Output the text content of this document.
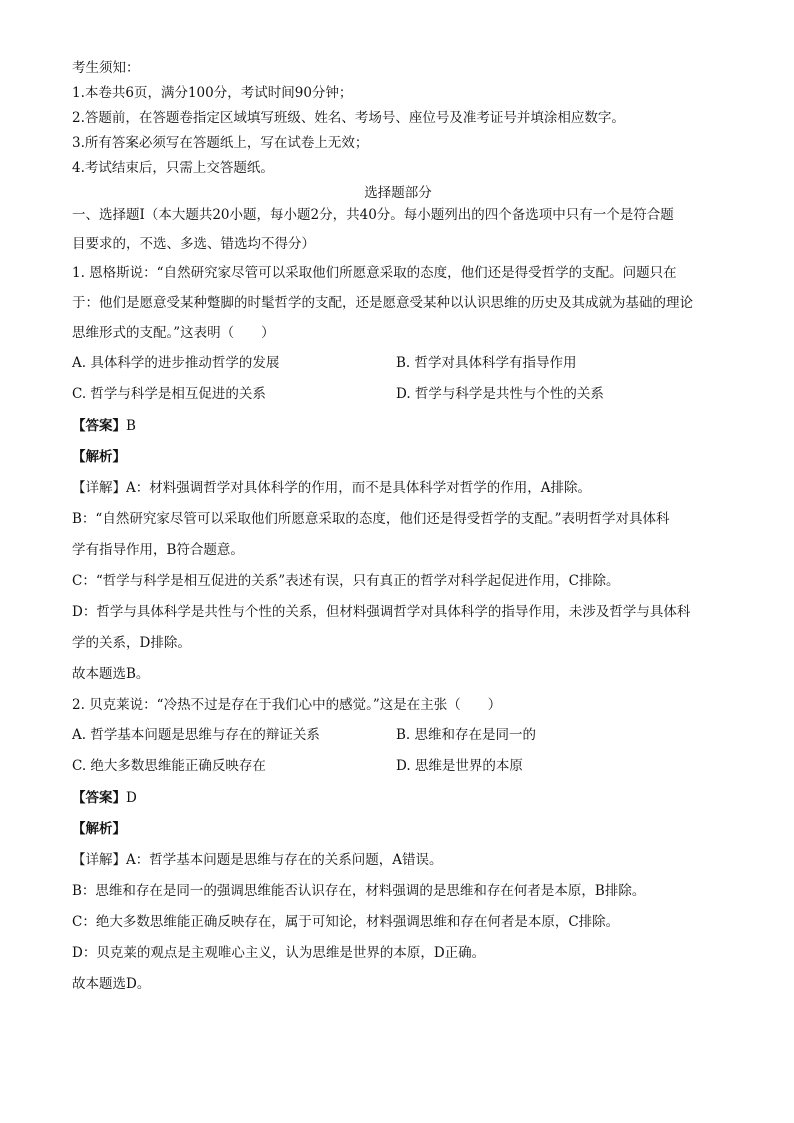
考生须知：
1.本卷共6页，满分100分，考试时间90分钟；
2.答题前，在答题卷指定区域填写班级、姓名、考场号、座位号及准考证号并填涂相应数字。
3.所有答案必须写在答题纸上，写在试卷上无效；
4.考试结束后，只需上交答题纸。
选择题部分
一、选择题Ⅰ（本大题共20小题，每小题2分，共40分。每小题列出的四个备选项中只有一个是符合题
目要求的，不选、多选、错选均不得分）
1. 恩格斯说：“自然研究家尽管可以采取他们所愿意采取的态度，他们还是得受哲学的支配。问题只在
于：他们是愿意受某种蹩脚的时髦哲学的支配，还是愿意受某种以认识思维的历史及其成就为基础的理论
思维形式的支配。”这表明（　　）
A. 具体科学的进步推动哲学的发展	B. 哲学对具体科学有指导作用
C. 哲学与科学是相互促进的关系	D. 哲学与科学是共性与个性的关系
【答案】B
【解析】
【详解】A：材料强调哲学对具体科学的作用，而不是具体科学对哲学的作用，A排除。
B：“自然研究家尽管可以采取他们所愿意采取的态度，他们还是得受哲学的支配。”表明哲学对具体科
学有指导作用，B符合题意。
C：“哲学与科学是相互促进的关系”表述有误，只有真正的哲学对科学起促进作用，C排除。
D：哲学与具体科学是共性与个性的关系，但材料强调哲学对具体科学的指导作用，未涉及哲学与具体科
学的关系，D排除。
故本题选B。
2. 贝克莱说：“冷热不过是存在于我们心中的感觉。”这是在主张（　　）
A. 哲学基本问题是思维与存在的辩证关系	B. 思维和存在是同一的
C. 绝大多数思维能正确反映存在	D. 思维是世界的本原
【答案】D
【解析】
【详解】A：哲学基本问题是思维与存在的关系问题，A错误。
B：思维和存在是同一的强调思维能否认识存在，材料强调的是思维和存在何者是本原，B排除。
C：绝大多数思维能正确反映存在，属于可知论，材料强调思维和存在何者是本原，C排除。
D：贝克莱的观点是主观唯心主义，认为思维是世界的本原，D正确。
故本题选D。
